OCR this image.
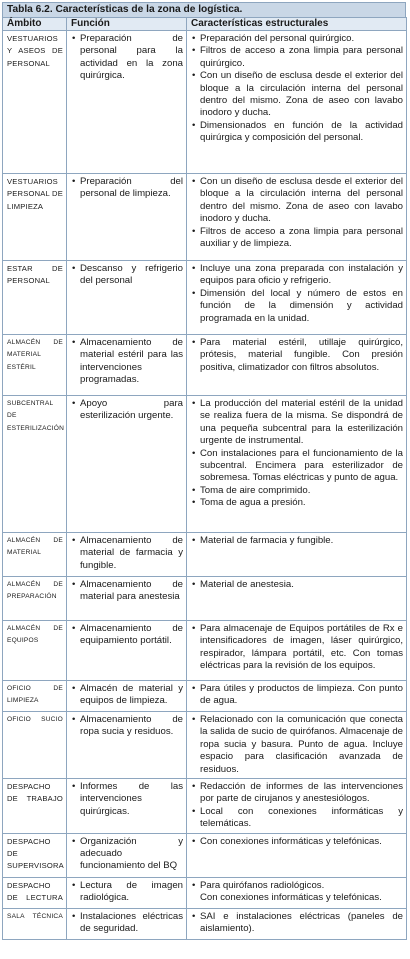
Tabla 6.2. Características de la zona de logística.
Ámbito	Función	Características estructurales
VESTUARIOS Y ASEOS DE PERSONAL	• Preparación de personal para la actividad en la zona quirúrgica.	• Preparación del personal quirúrgico.
• Filtros de acceso a zona limpia para personal quirúrgico.
• Con un diseño de esclusa desde el exterior del bloque a la circulación interna del personal dentro del mismo. Zona de aseo con lavabo inodoro y ducha.
• Dimensionados en función de la actividad quirúrgica y composición del personal.

VESTUARIOS PERSONAL DE LIMPIEZA	• Preparación del personal de limpieza.	• Con un diseño de esclusa desde el exterior del bloque a la circulación interna del personal dentro del mismo. Zona de aseo con lavabo inodoro y ducha.
• Filtros de acceso a zona limpia para personal auxiliar y de limpieza.

ESTAR DE PERSONAL	• Descanso y refrigerio del personal	• Incluye una zona preparada con instalación y equipos para oficio y refrigerio.
• Dimensión del local y número de estos en función de la dimensión y actividad programada en la unidad.

ALMACÉN DE MATERIAL ESTÉRIL	• Almacenamiento de material estéril para las intervenciones programadas.	• Para material estéril, utillaje quirúrgico, prótesis, material fungible. Con presión positiva, climatizador con filtros absolutos.

SUBCENTRAL DE ESTERILIZACIÓN	• Apoyo para esterilización urgente.	• La producción del material estéril de la unidad se realiza fuera de la misma. Se dispondrá de una pequeña subcentral para la esterilización urgente de instrumental.
• Con instalaciones para el funcionamiento de la subcentral. Encimera para esterilizador de sobremesa. Tomas eléctricas y punto de agua.
• Toma de aire comprimido.
• Toma de agua a presión.

ALMACÉN DE MATERIAL	• Almacenamiento de material de farmacia y fungible.	• Material de farmacia y fungible.

ALMACÉN DE PREPARACIÓN	• Almacenamiento de material para anestesia	• Material de anestesia.

ALMACÉN DE EQUIPOS	• Almacenamiento de equipamiento portátil.	• Para almacenaje de Equipos portátiles de Rx e intensificadores de imagen, láser quirúrgico, respirador, lámpara portátil, etc. Con tomas eléctricas para la revisión de los equipos.

OFICIO DE LIMPIEZA	• Almacén de material y equipos de limpieza.	• Para útiles y productos de limpieza. Con punto de agua.

OFICIO SUCIO	• Almacenamiento de ropa sucia y residuos.	• Relacionado con la comunicación que conecta la salida de sucio de quirófanos. Almacenaje de ropa sucia y basura. Punto de agua. Incluye espacio para clasificación avanzada de residuos.

DESPACHO DE TRABAJO	• Informes de las intervenciones quirúrgicas.	• Redacción de informes de las intervenciones por parte de cirujanos y anestesiólogos.
• Local con conexiones informáticas y telemáticas.

DESPACHO DE SUPERVISORA	• Organización y adecuado funcionamiento del BQ	• Con conexiones informáticas y telefónicas.

DESPACHO DE LECTURA	• Lectura de imagen radiológica.	• Para quirófanos radiológicos.
Con conexiones informáticas y telefónicas.

SALA TÉCNICA	• Instalaciones eléctricas de seguridad.	• SAI e instalaciones eléctricas (paneles de aislamiento).
